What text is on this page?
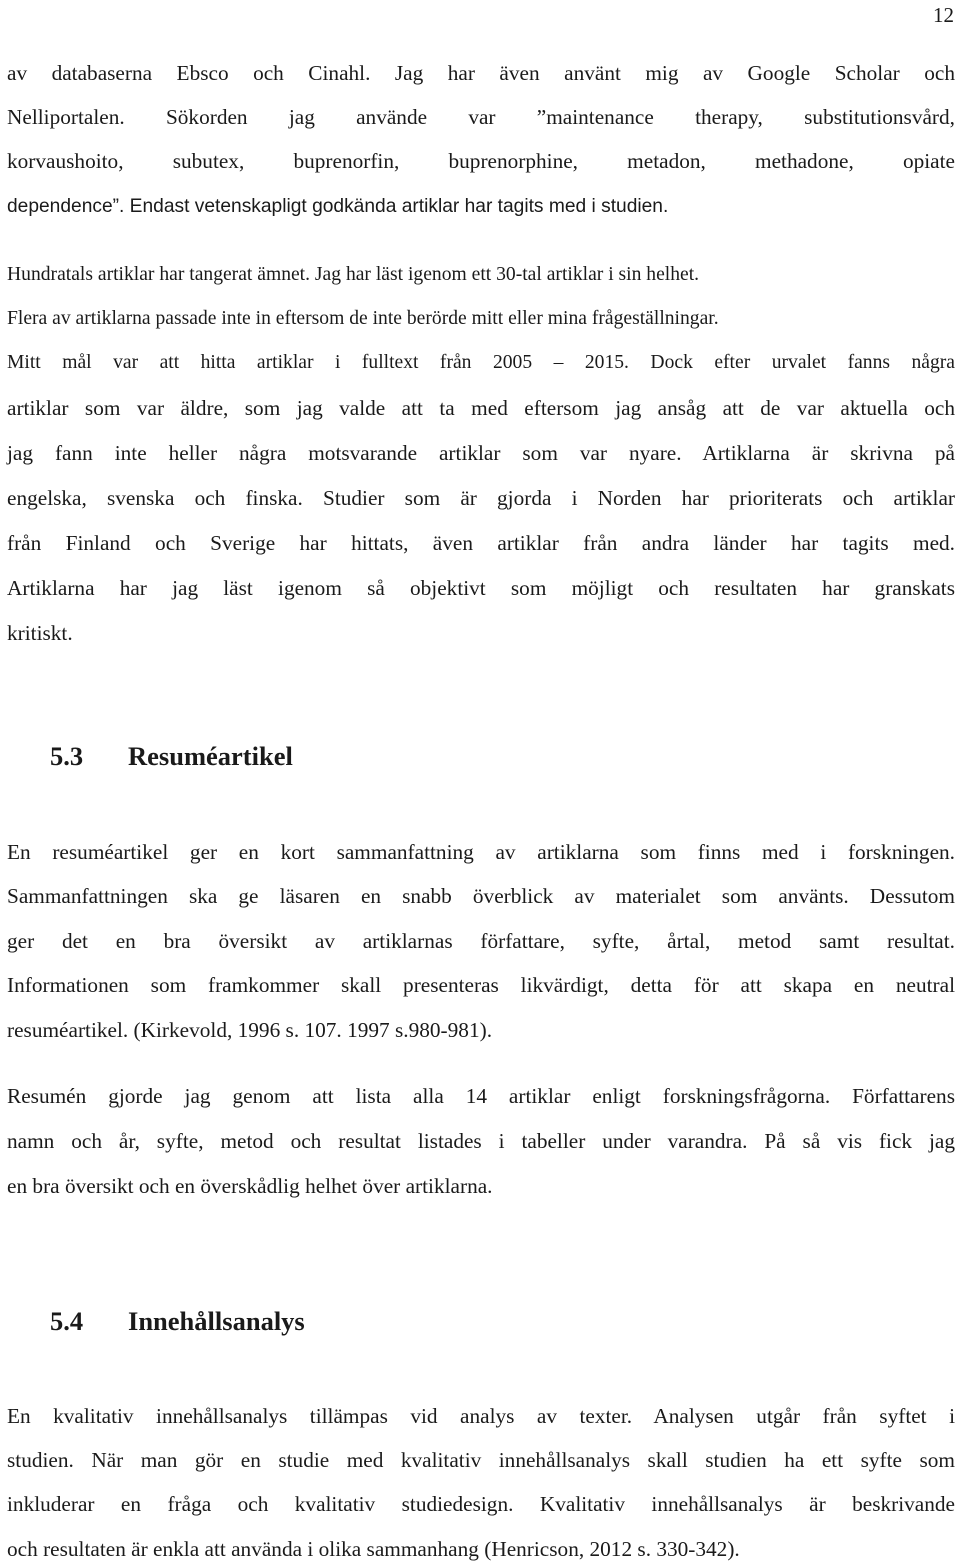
12
av databaserna Ebsco och Cinahl. Jag har även använt mig av Google Scholar och
Nelliportalen. Sökorden jag använde var ”maintenance therapy, substitutionsvård,
korvaushoito, subutex, buprenorfin, buprenorphine, metadon, methadone, opiate
dependence”. Endast vetenskapligt godkända artiklar har tagits med i studien.
Hundratals artiklar har tangerat ämnet. Jag har läst igenom ett 30-tal artiklar i sin helhet.
Flera av artiklarna passade inte in eftersom de inte berörde mitt eller mina frågeställningar.
Mitt mål var att hitta artiklar i fulltext från 2005 – 2015. Dock efter urvalet fanns några
artiklar som var äldre, som jag valde att ta med eftersom jag ansåg att de var aktuella och
jag fann inte heller några motsvarande artiklar som var nyare. Artiklarna är skrivna på
engelska, svenska och finska. Studier som är gjorda i Norden har prioriterats och artiklar
från Finland och Sverige har hittats, även artiklar från andra länder har tagits med.
Artiklarna har jag läst igenom så objektivt som möjligt och resultaten har granskats
kritiskt.
5.3 Resuméartikel
En resuméartikel ger en kort sammanfattning av artiklarna som finns med i forskningen.
Sammanfattningen ska ge läsaren en snabb överblick av materialet som använts. Dessutom
ger det en bra översikt av artiklarnas författare, syfte, årtal, metod samt resultat.
Informationen som framkommer skall presenteras likvärdigt, detta för att skapa en neutral
resuméartikel. (Kirkevold, 1996 s. 107. 1997 s.980-981).
Resumén gjorde jag genom att lista alla 14 artiklar enligt forskningsfrågorna. Författarens
namn och år, syfte, metod och resultat listades i tabeller under varandra. På så vis fick jag
en bra översikt och en överskådlig helhet över artiklarna.
5.4 Innehållsanalys
En kvalitativ innehållsanalys tillämpas vid analys av texter. Analysen utgår från syftet i
studien. När man gör en studie med kvalitativ innehållsanalys skall studien ha ett syfte som
inkluderar en fråga och kvalitativ studiedesign. Kvalitativ innehållsanalys är beskrivande
och resultaten är enkla att använda i olika sammanhang (Henricson, 2012 s. 330-342).
